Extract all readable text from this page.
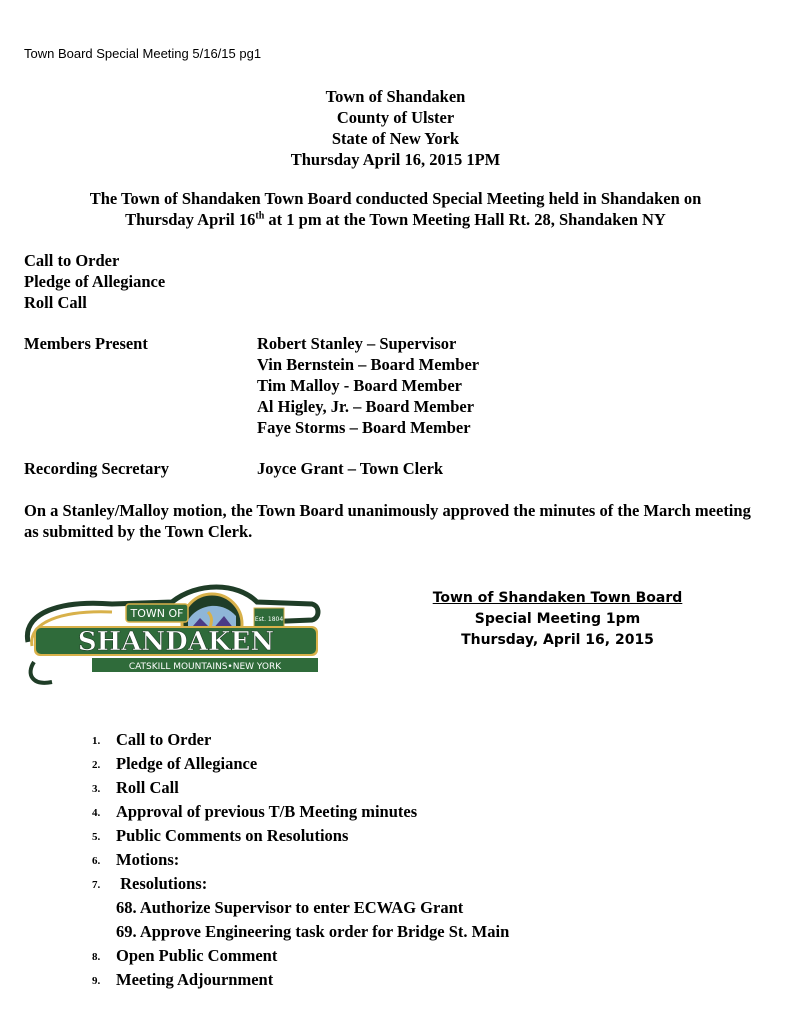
Town Board Special Meeting 5/16/15 pg1
Town of Shandaken
County of Ulster
State of New York
Thursday April 16, 2015 1PM
The Town of Shandaken Town Board conducted Special Meeting held in Shandaken on
Thursday April 16th at 1 pm at the Town Meeting Hall Rt. 28, Shandaken NY
Call to Order
Pledge of Allegiance
Roll Call
Members Present	Robert Stanley – Supervisor
Vin Bernstein – Board Member
Tim Malloy - Board Member
Al Higley, Jr. – Board Member
Faye Storms – Board Member
Recording Secretary	Joyce Grant – Town Clerk
On a Stanley/Malloy motion, the Town Board unanimously approved the minutes of the March meeting as submitted by the Town Clerk.
TOWN OF	Est. 1804
SHANDAKEN
CATSKILL MOUNTAINS•NEW YORK
Town of Shandaken Town Board
Special Meeting 1pm
Thursday, April 16, 2015
1. Call to Order
2. Pledge of Allegiance
3. Roll Call
4. Approval of previous T/B Meeting minutes
5. Public Comments on Resolutions
6. Motions:
7. Resolutions:
68. Authorize Supervisor to enter ECWAG Grant
69. Approve Engineering task order for Bridge St. Main
8. Open Public Comment
9. Meeting Adjournment
